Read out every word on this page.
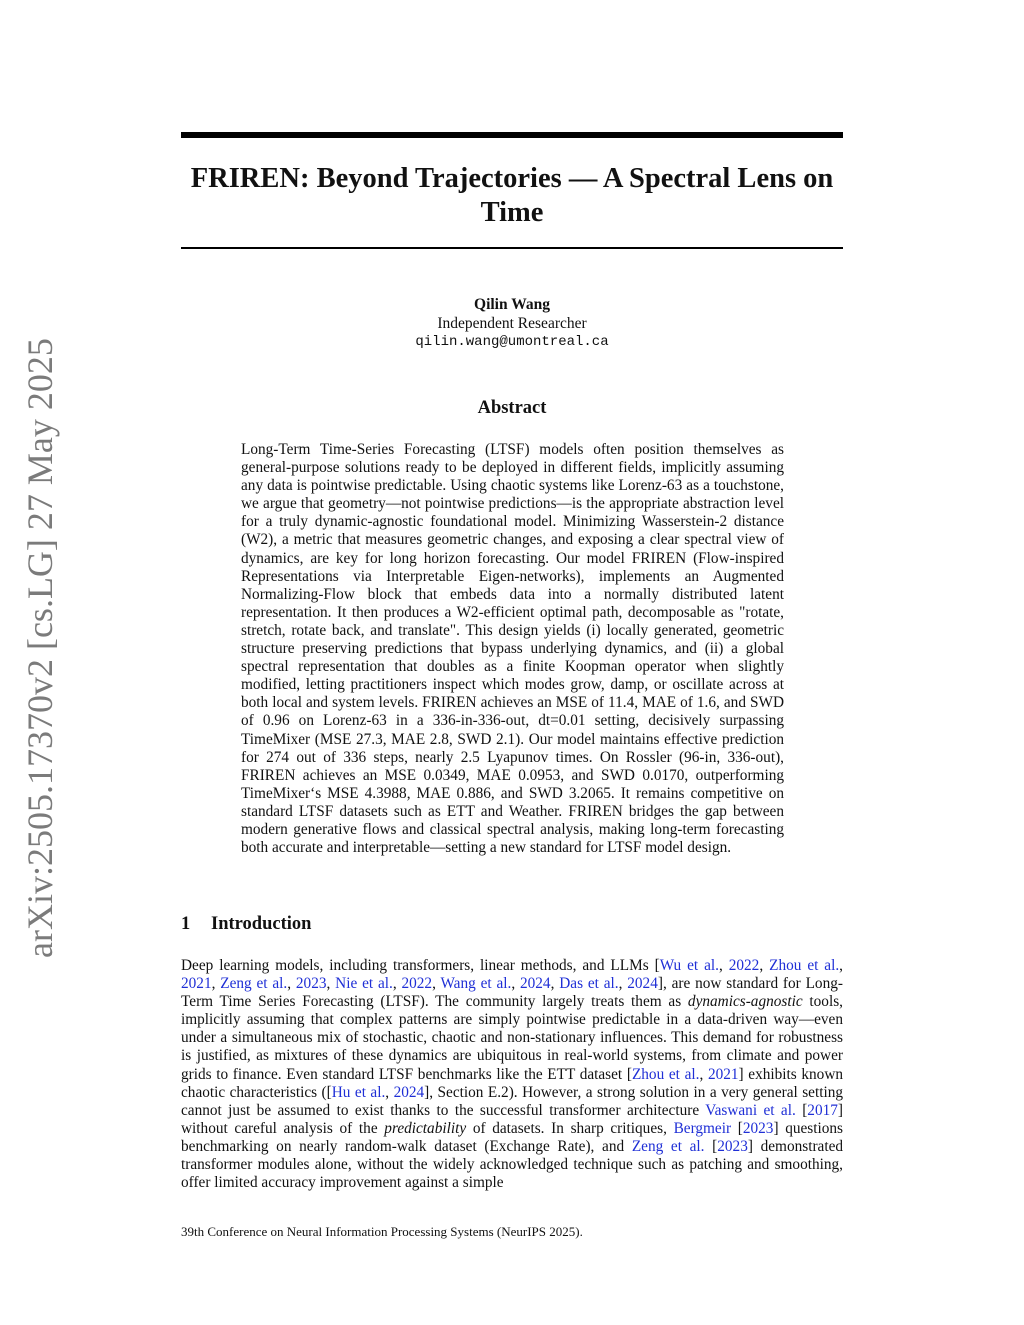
arXiv:2505.17370v2 [cs.LG] 27 May 2025
FRIREN: Beyond Trajectories — A Spectral Lens on Time
Qilin Wang
Independent Researcher
qilin.wang@umontreal.ca
Abstract

Long-Term Time-Series Forecasting (LTSF) models often position themselves as general-purpose solutions ready to be deployed in different fields, implicitly assuming any data is pointwise predictable. Using chaotic systems like Lorenz-63 as a touchstone, we argue that geometry—not pointwise predictions—is the appropriate abstraction level for a truly dynamic-agnostic foundational model. Minimizing Wasserstein-2 distance (W2), a metric that measures geometric changes, and exposing a clear spectral view of dynamics, are key for long horizon forecasting. Our model FRIREN (Flow-inspired Representations via Interpretable Eigen-networks), implements an Augmented Normalizing-Flow block that embeds data into a normally distributed latent representation. It then produces a W2-efficient optimal path, decomposable as "rotate, stretch, rotate back, and translate". This design yields (i) locally generated, geometric structure preserving predictions that bypass underlying dynamics, and (ii) a global spectral representation that doubles as a finite Koopman operator when slightly modified, letting practitioners inspect which modes grow, damp, or oscillate across at both local and system levels. FRIREN achieves an MSE of 11.4, MAE of 1.6, and SWD of 0.96 on Lorenz-63 in a 336-in-336-out, dt=0.01 setting, decisively surpassing TimeMixer (MSE 27.3, MAE 2.8, SWD 2.1). Our model maintains effective prediction for 274 out of 336 steps, nearly 2.5 Lyapunov times. On Rossler (96-in, 336-out), FRIREN achieves an MSE 0.0349, MAE 0.0953, and SWD 0.0170, outperforming TimeMixer‘s MSE 4.3988, MAE 0.886, and SWD 3.2065. It remains competitive on standard LTSF datasets such as ETT and Weather. FRIREN bridges the gap between modern generative flows and classical spectral analysis, making long-term forecasting both accurate and interpretable—setting a new standard for LTSF model design.

1 Introduction

Deep learning models, including transformers, linear methods, and LLMs [Wu et al., 2022, Zhou et al., 2021, Zeng et al., 2023, Nie et al., 2022, Wang et al., 2024, Das et al., 2024], are now standard for Long-Term Time Series Forecasting (LTSF). The community largely treats them as dynamics-agnostic tools, implicitly assuming that complex patterns are simply pointwise predictable in a data-driven way—even under a simultaneous mix of stochastic, chaotic and non-stationary influences. This demand for robustness is justified, as mixtures of these dynamics are ubiquitous in real-world systems, from climate and power grids to finance. Even standard LTSF benchmarks like the ETT dataset [Zhou et al., 2021] exhibits known chaotic characteristics ([Hu et al., 2024], Section E.2). However, a strong solution in a very general setting cannot just be assumed to exist thanks to the successful transformer architecture Vaswani et al. [2017] without careful analysis of the predictability of datasets. In sharp critiques, Bergmeir [2023] questions benchmarking on nearly random-walk dataset (Exchange Rate), and Zeng et al. [2023] demonstrated transformer modules alone, without the widely acknowledged technique such as patching and smoothing, offer limited accuracy improvement against a simple

39th Conference on Neural Information Processing Systems (NeurIPS 2025).
